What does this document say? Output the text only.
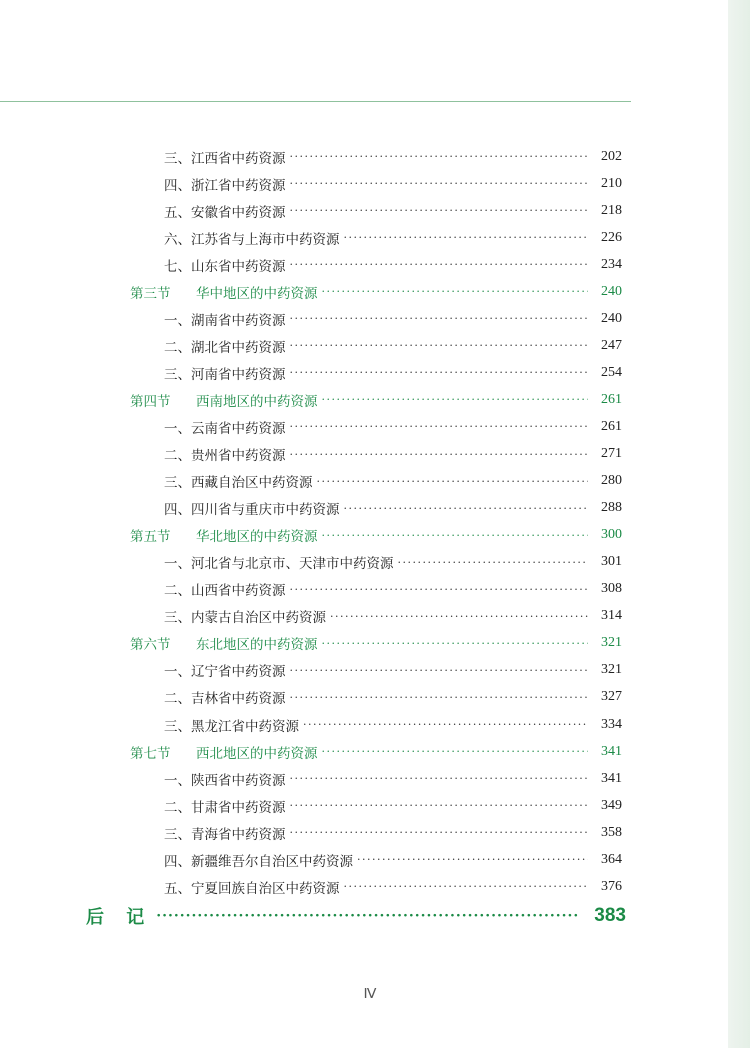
三、江西省中药资源 ·····	202
四、浙江省中药资源 ·····	210
五、安徽省中药资源 ·····	218
六、江苏省与上海市中药资源 ·····	226
七、山东省中药资源 ·····	234
第三节	华中地区的中药资源 ·····	240
一、湖南省中药资源 ·····	240
二、湖北省中药资源 ·····	247
三、河南省中药资源 ·····	254
第四节	西南地区的中药资源 ·····	261
一、云南省中药资源 ·····	261
二、贵州省中药资源 ·····	271
三、西藏自治区中药资源 ·····	280
四、四川省与重庆市中药资源 ·····	288
第五节	华北地区的中药资源 ·····	300
一、河北省与北京市、天津市中药资源 ·····	301
二、山西省中药资源 ·····	308
三、内蒙古自治区中药资源 ·····	314
第六节	东北地区的中药资源 ·····	321
一、辽宁省中药资源 ·····	321
二、吉林省中药资源 ·····	327
三、黑龙江省中药资源 ·····	334
第七节	西北地区的中药资源 ·····	341
一、陕西省中药资源 ·····	341
二、甘肃省中药资源 ·····	349
三、青海省中药资源 ·····	358
四、新疆维吾尔自治区中药资源 ·····	364
五、宁夏回族自治区中药资源 ·····	376
后 记 ·····	383
Ⅳ
